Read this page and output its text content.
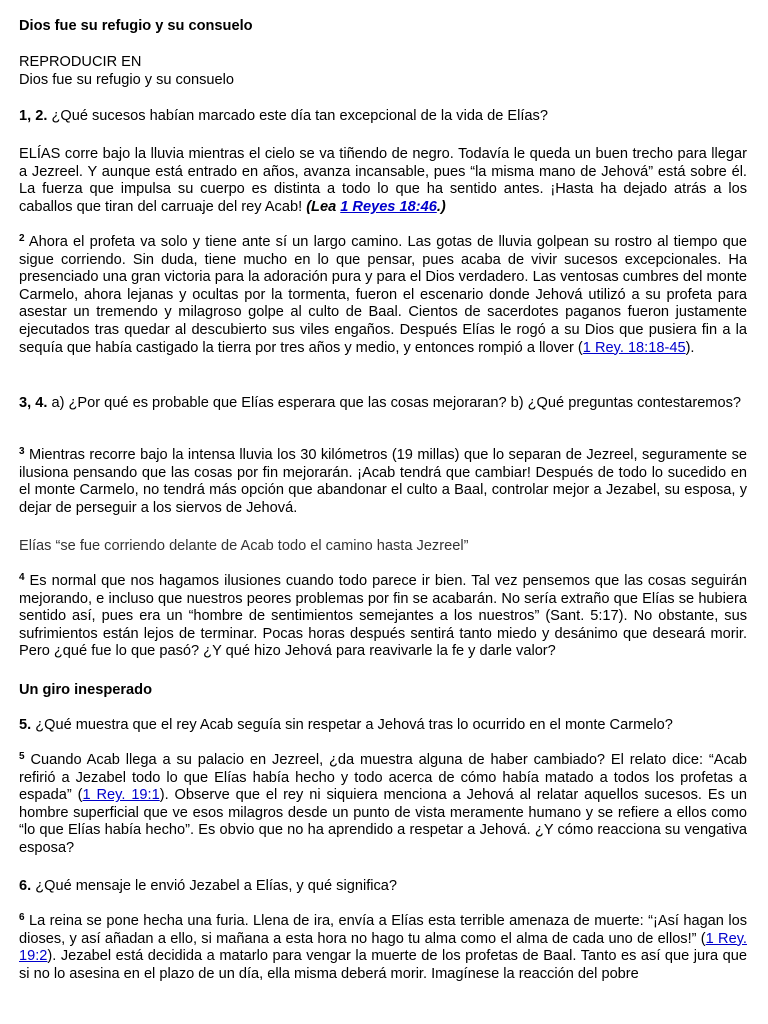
Dios fue su refugio y su consuelo

REPRODUCIR EN

Dios fue su refugio y su consuelo

1, 2. ¿Qué sucesos habían marcado este día tan excepcional de la vida de Elías?

ELÍAS corre bajo la lluvia mientras el cielo se va tiñendo de negro. Todavía le queda un buen trecho para llegar a Jezreel. Y aunque está entrado en años, avanza incansable, pues “la misma mano de Jehová” está sobre él. La fuerza que impulsa su cuerpo es distinta a todo lo que ha sentido antes. ¡Hasta ha dejado atrás a los caballos que tiran del carruaje del rey Acab! (Lea 1 Reyes 18:46.)

$^2$ Ahora el profeta va solo y tiene ante sí un largo camino. Las gotas de lluvia golpean su rostro al tiempo que sigue corriendo. Sin duda, tiene mucho en lo que pensar, pues acaba de vivir sucesos excepcionales. Ha presenciado una gran victoria para la adoración pura y para el Dios verdadero. Las ventosas cumbres del monte Carmelo, ahora lejanas y ocultas por la tormenta, fueron el escenario donde Jehová utilizó a su profeta para asestar un tremendo y milagroso golpe al culto de Baal. Cientos de sacerdotes paganos fueron justamente ejecutados tras quedar al descubierto sus viles engaños. Después Elías le rogó a su Dios que pusiera fin a la sequía que había castigado la tierra por tres años y medio, y entonces rompió a llover (1 Rey. 18:18-45).

3, 4. a) ¿Por qué es probable que Elías esperara que las cosas mejoraran? b) ¿Qué preguntas contestaremos?

$^3$ Mientras recorre bajo la intensa lluvia los 30 kilómetros (19 millas) que lo separan de Jezreel, seguramente se ilusiona pensando que las cosas por fin mejorarán. ¡Acab tendrá que cambiar! Después de todo lo sucedido en el monte Carmelo, no tendrá más opción que abandonar el culto a Baal, controlar mejor a Jezabel, su esposa, y dejar de perseguir a los siervos de Jehová.

Elías “se fue corriendo delante de Acab todo el camino hasta Jezreel”

$^4$ Es normal que nos hagamos ilusiones cuando todo parece ir bien. Tal vez pensemos que las cosas seguirán mejorando, e incluso que nuestros peores problemas por fin se acabarán. No sería extraño que Elías se hubiera sentido así, pues era un “hombre de sentimientos semejantes a los nuestros” (Sant. 5:17). No obstante, sus sufrimientos están lejos de terminar. Pocas horas después sentirá tanto miedo y desánimo que deseará morir. Pero ¿qué fue lo que pasó? ¿Y qué hizo Jehová para reavivarle la fe y darle valor?

Un giro inesperado

5. ¿Qué muestra que el rey Acab seguía sin respetar a Jehová tras lo ocurrido en el monte Carmelo?

$^5$ Cuando Acab llega a su palacio en Jezreel, ¿da muestra alguna de haber cambiado? El relato dice: “Acab refirió a Jezabel todo lo que Elías había hecho y todo acerca de cómo había matado a todos los profetas a espada” (1 Rey. 19:1). Observe que el rey ni siquiera menciona a Jehová al relatar aquellos sucesos. Es un hombre superficial que ve esos milagros desde un punto de vista meramente humano y se refiere a ellos como “lo que Elías había hecho”. Es obvio que no ha aprendido a respetar a Jehová. ¿Y cómo reacciona su vengativa esposa?

6. ¿Qué mensaje le envió Jezabel a Elías, y qué significa?

$^6$ La reina se pone hecha una furia. Llena de ira, envía a Elías esta terrible amenaza de muerte: “¡Así hagan los dioses, y así añadan a ello, si mañana a esta hora no hago tu alma como el alma de cada uno de ellos!” (1 Rey. 19:2). Jezabel está decidida a matarlo para vengar la muerte de los profetas de Baal. Tanto es así que jura que si no lo asesina en el plazo de un día, ella misma deberá morir. Imagínese la reacción del pobre
